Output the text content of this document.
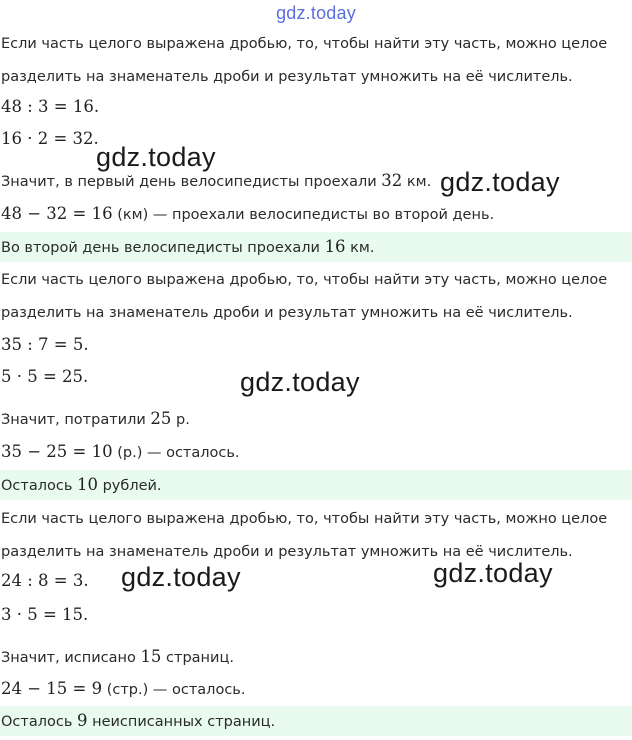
gdz.today
Если часть целого выражена дробью, то, чтобы найти эту часть, можно целое
разделить на знаменатель дроби и результат умножить на её числитель.
48 : 3 = 16.
16 · 2 = 32.
Значит, в первый день велосипедисты проехали 32 км.
48 − 32 = 16 (км) — проехали велосипедисты во второй день.
Во второй день велосипедисты проехали 16 км.
Если часть целого выражена дробью, то, чтобы найти эту часть, можно целое
разделить на знаменатель дроби и результат умножить на её числитель.
35 : 7 = 5.
5 · 5 = 25.
Значит, потратили 25 р.
35 − 25 = 10 (р.) — осталось.
Осталось 10 рублей.
Если часть целого выражена дробью, то, чтобы найти эту часть, можно целое
разделить на знаменатель дроби и результат умножить на её числитель.
24 : 8 = 3.
3 · 5 = 15.
Значит, исписано 15 страниц.
24 − 15 = 9 (стр.) — осталось.
Осталось 9 неисписанных страниц.
gdz.today
gdz.today
gdz.today
gdz.today	gdz.today
